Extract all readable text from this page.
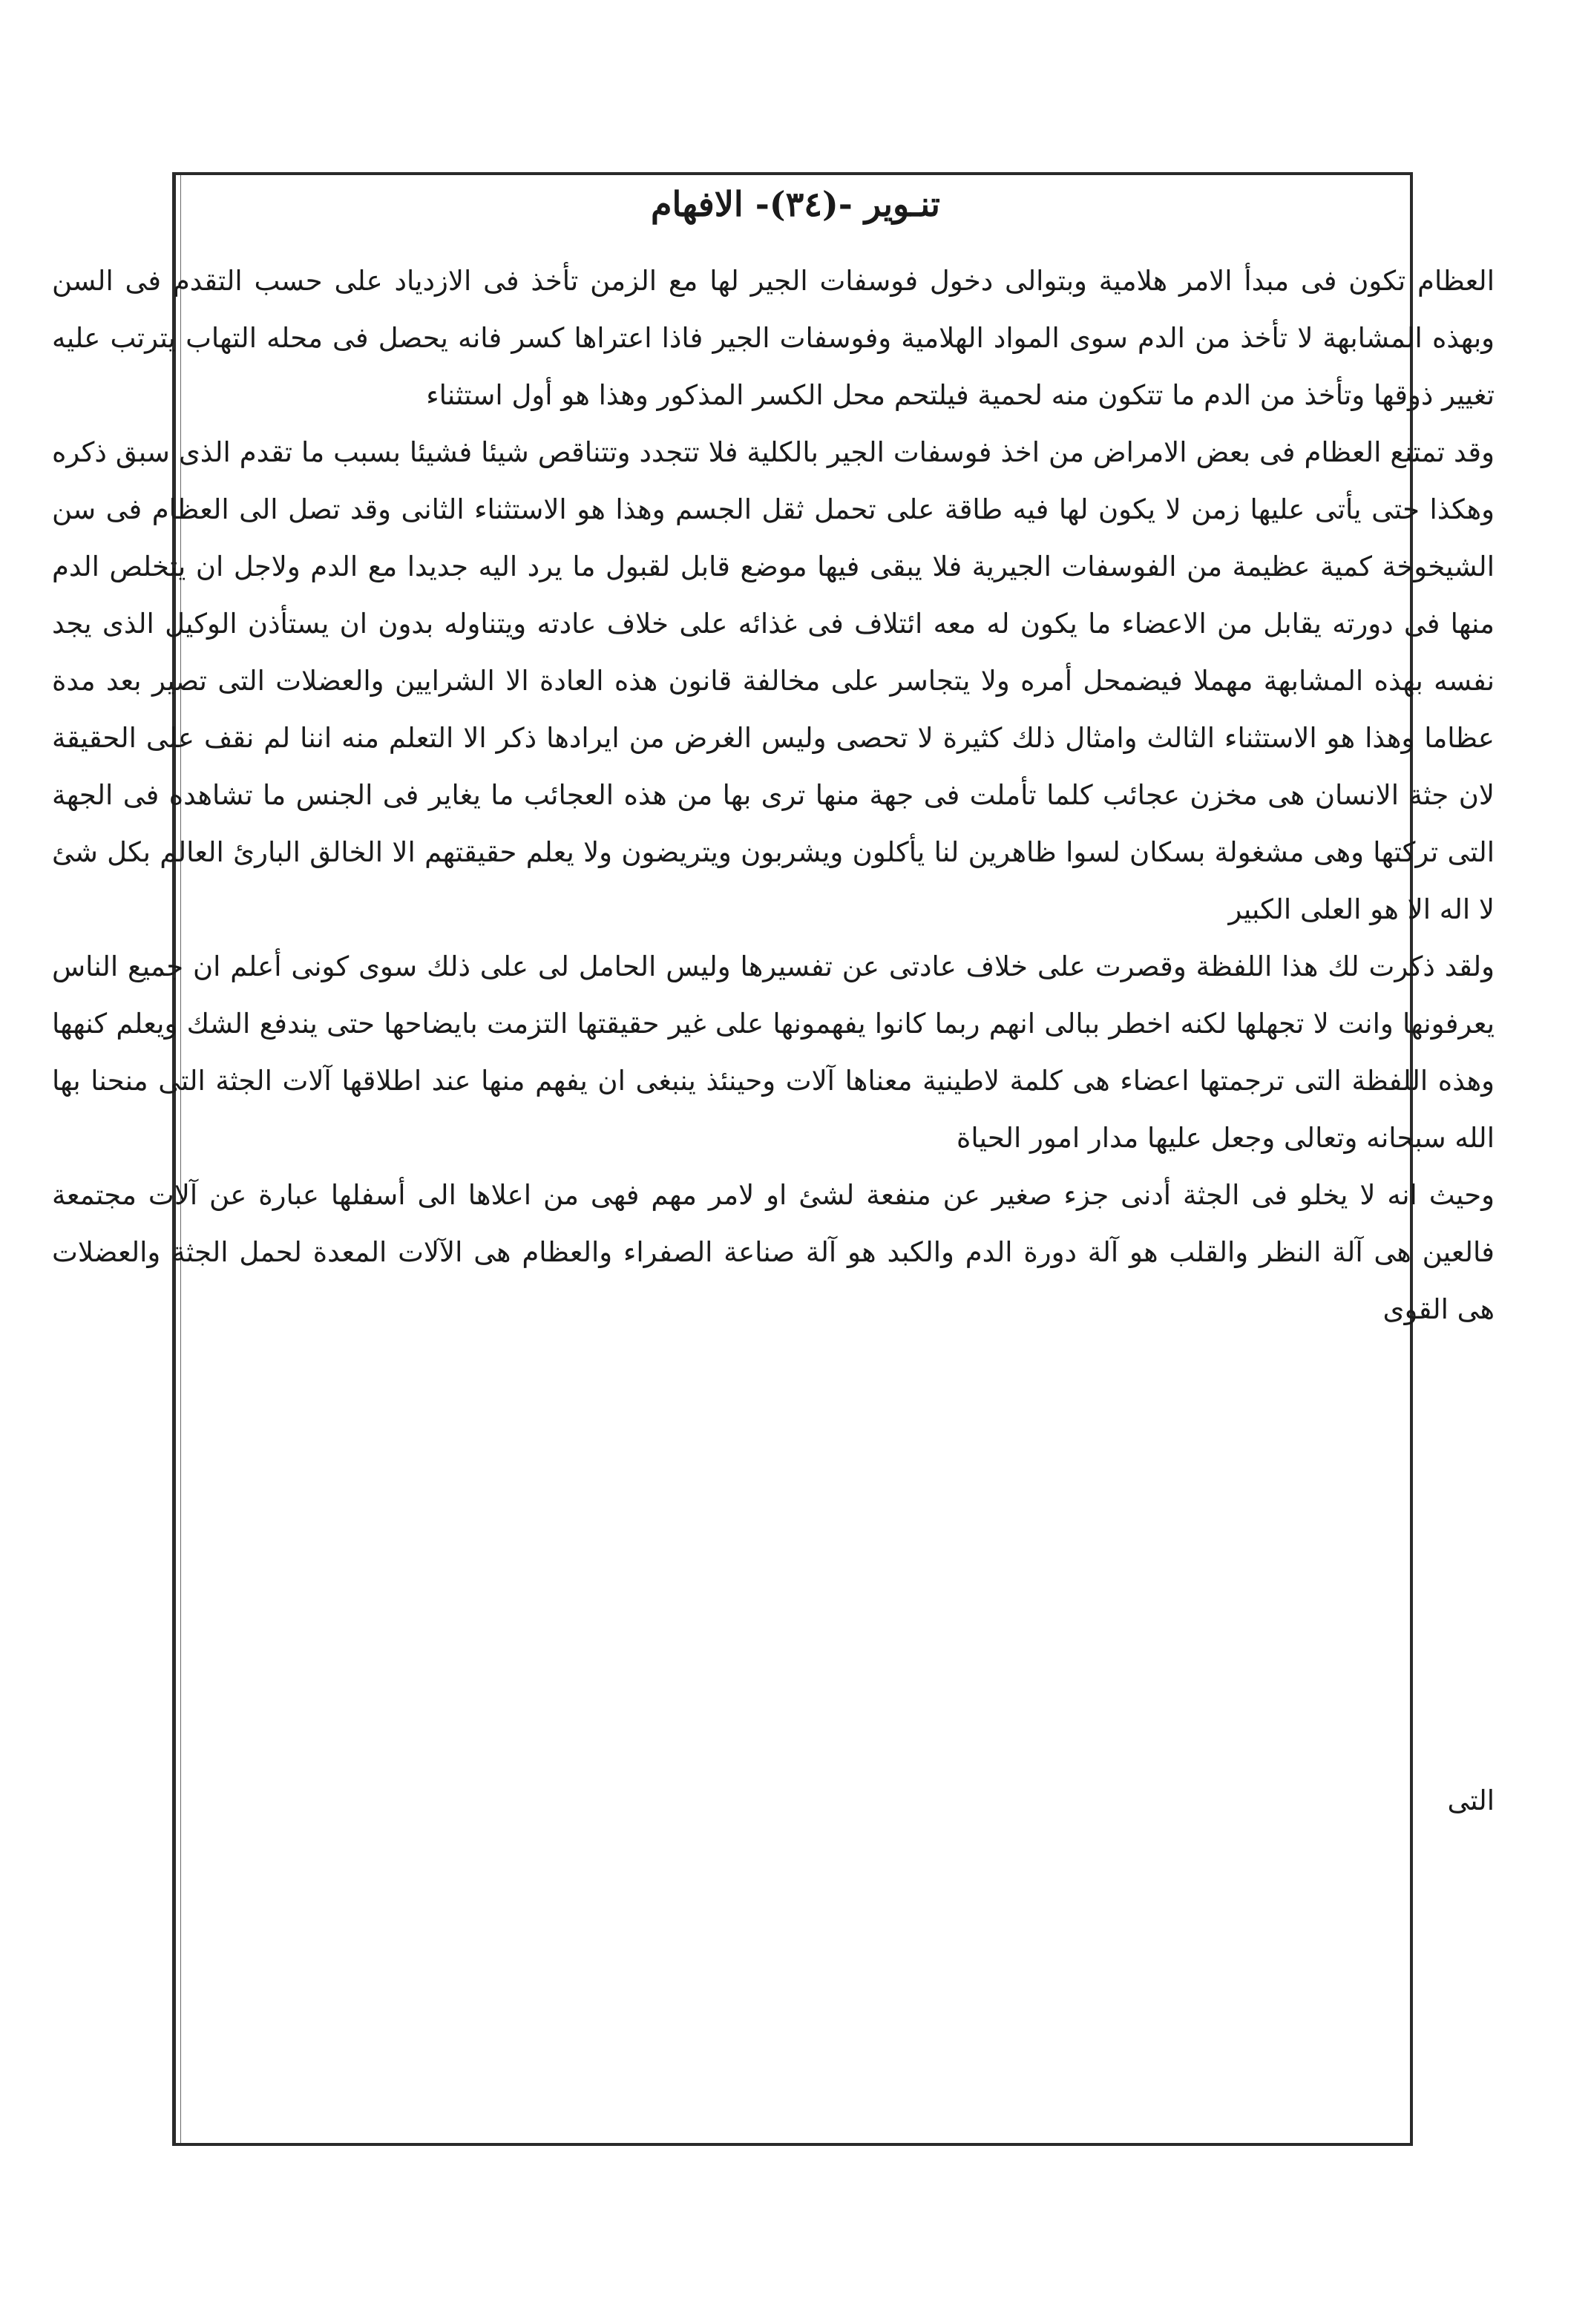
تنـوير -(٣٤)- الافهام

العظام تكون فى مبدأ الامر هلامية وبتوالى دخول فوسفات الجير لها مع الزمن تأخذ فى الازدياد على حسب التقدم فى السن وبهذه المشابهة لا تأخذ من الدم سوى المواد الهلامية وفوسفات الجير فاذا اعتراها كسر فانه يحصل فى محله التهاب يترتب عليه تغيير ذوقها وتأخذ من الدم ما تتكون منه لحمية فيلتحم محل الكسر المذكور وهذا هو أول استثناء

وقد تمتنع العظام فى بعض الامراض من اخذ فوسفات الجير بالكلية فلا تتجدد وتتناقص شيئا فشيئا بسبب ما تقدم الذى سبق ذكره وهكذا حتى يأتى عليها زمن لا يكون لها فيه طاقة على تحمل ثقل الجسم وهذا هو الاستثناء الثانى وقد تصل الى العظام فى سن الشيخوخة كمية عظيمة من الفوسفات الجيرية فلا يبقى فيها موضع قابل لقبول ما يرد اليه جديدا مع الدم ولاجل ان يتخلص الدم منها فى دورته يقابل من الاعضاء ما يكون له معه ائتلاف فى غذائه على خلاف عادته ويتناوله بدون ان يستأذن الوكيل الذى يجد نفسه بهذه المشابهة مهملا فيضمحل أمره ولا يتجاسر على مخالفة قانون هذه العادة الا الشرايين والعضلات التى تصير بعد مدة عظاما وهذا هو الاستثناء الثالث وامثال ذلك كثيرة لا تحصى وليس الغرض من ايرادها ذكر الا التعلم منه اننا لم نقف على الحقيقة لان جثة الانسان هى مخزن عجائب كلما تأملت فى جهة منها ترى بها من هذه العجائب ما يغاير فى الجنس ما تشاهده فى الجهة التى تركتها وهى مشغولة بسكان لسوا ظاهرين لنا يأكلون ويشربون ويتريضون ولا يعلم حقيقتهم الا الخالق البارئ العالم بكل شئ لا اله الا هو العلى الكبير

ولقد ذكرت لك هذا اللفظة وقصرت على خلاف عادتى عن تفسيرها وليس الحامل لى على ذلك سوى كونى أعلم ان جميع الناس يعرفونها وانت لا تجهلها لكنه اخطر ببالى انهم ربما كانوا يفهمونها على غير حقيقتها التزمت بايضاحها حتى يندفع الشك ويعلم كنهها وهذه اللفظة التى ترجمتها اعضاء هى كلمة لاطينية معناها آلات وحينئذ ينبغى ان يفهم منها عند اطلاقها آلات الجثة التى منحنا بها الله سبحانه وتعالى وجعل عليها مدار امور الحياة

وحيث انه لا يخلو فى الجثة أدنى جزء صغير عن منفعة لشئ او لامر مهم فهى من اعلاها الى أسفلها عبارة عن آلات مجتمعة فالعين هى آلة النظر والقلب هو آلة دورة الدم والكبد هو آلة صناعة الصفراء والعظام هى الآلات المعدة لحمل الجثة والعضلات هى القوى

التى
